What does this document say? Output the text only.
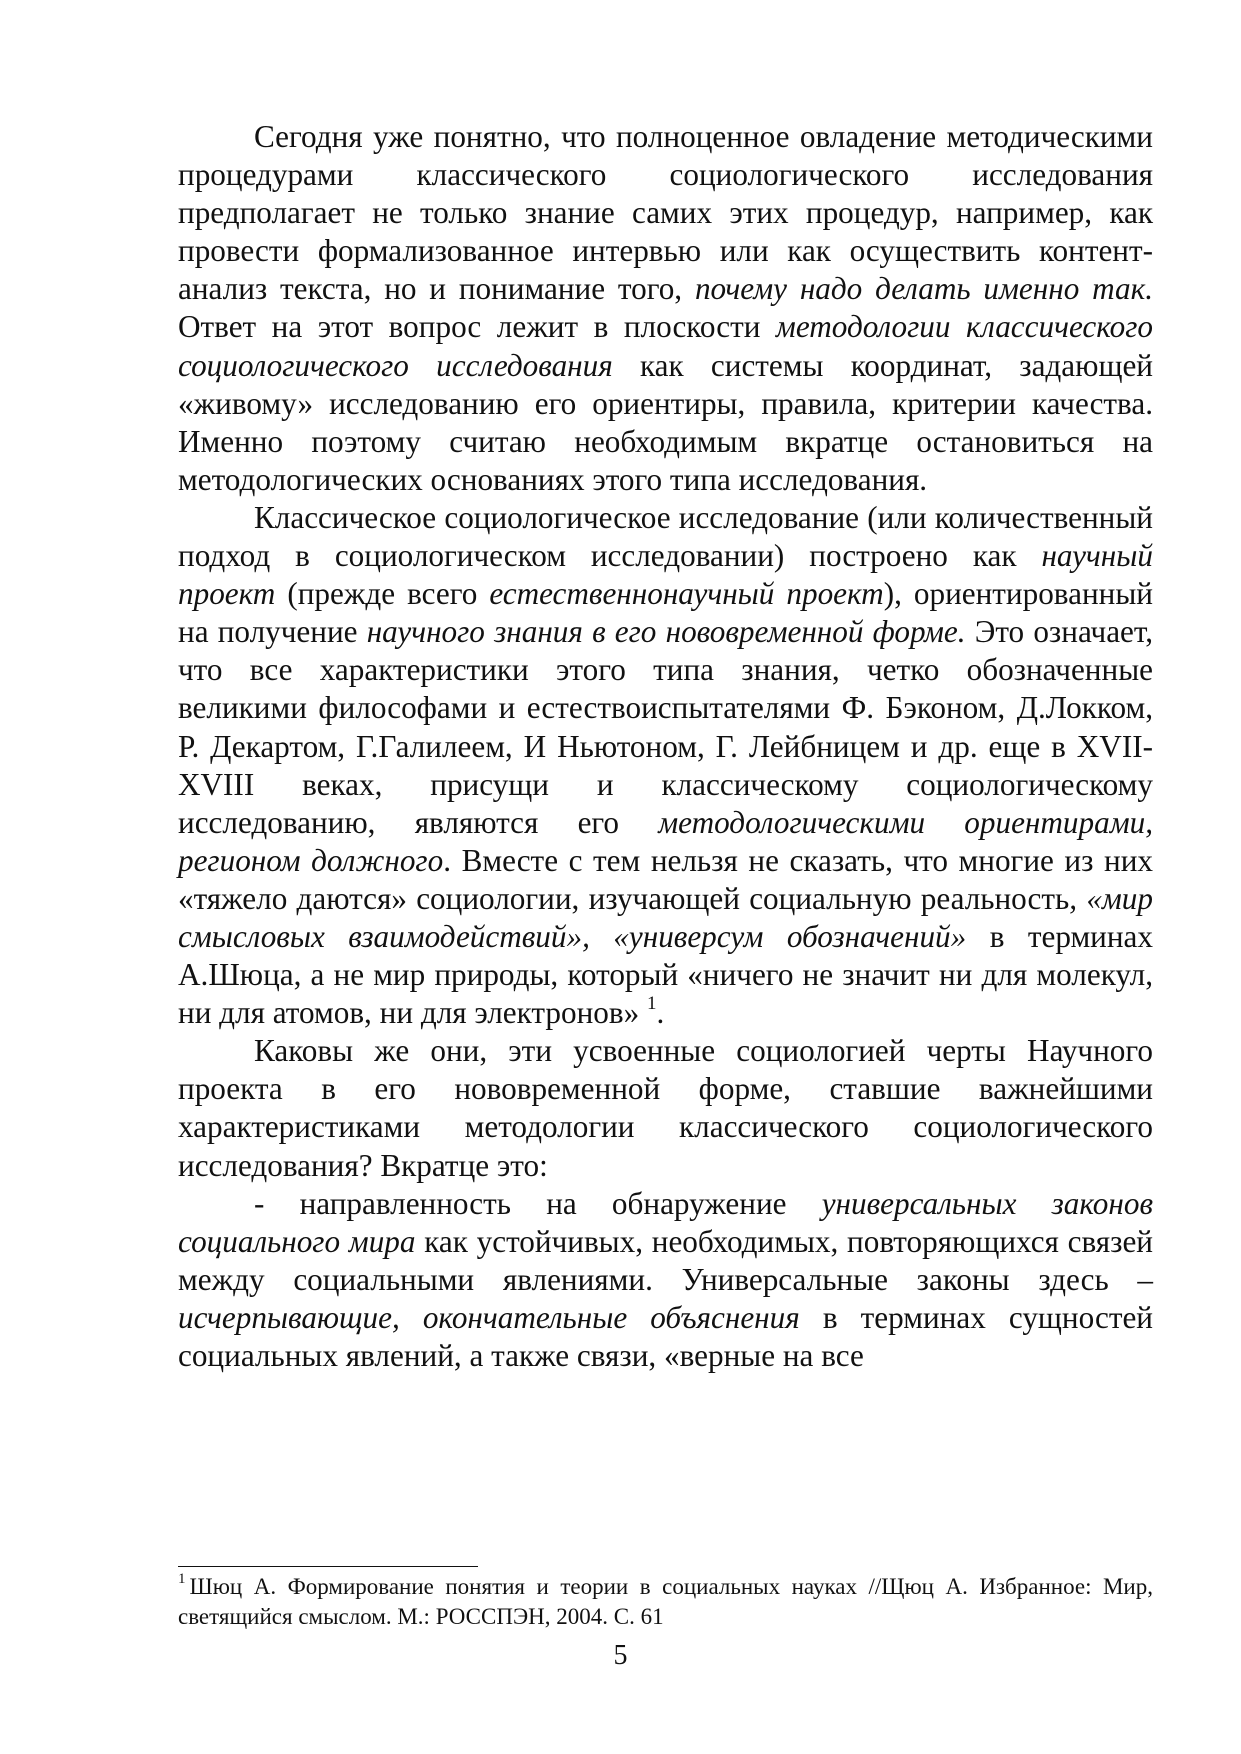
Сегодня уже понятно, что полноценное овладение методическими процедурами классического социологического исследования предполагает не только знание самих этих процедур, например, как провести формализованное интервью или как осуществить контент-анализ текста, но и понимание того, почему надо делать именно так. Ответ на этот вопрос лежит в плоскости методологии классического социологического исследования как системы координат, задающей «живому» исследованию его ориентиры, правила, критерии качества. Именно поэтому считаю необходимым вкратце остановиться на методологических основаниях этого типа исследования.

Классическое социологическое исследование (или количественный подход в социологическом исследовании) построено как научный проект (прежде всего естественнонаучный проект), ориентированный на получение научного знания в его нововременной форме. Это означает, что все характеристики этого типа знания, четко обозначенные великими философами и естествоиспытателями Ф. Бэконом, Д.Локком, Р. Декартом, Г.Галилеем, И Ньютоном, Г. Лейбницем и др. еще в XVII- XVIII веках, присущи и классическому социологическому исследованию, являются его методологическими ориентирами, регионом должного. Вместе с тем нельзя не сказать, что многие из них «тяжело даются» социологии, изучающей социальную реальность, «мир смысловых взаимодействий», «универсум обозначений» в терминах А.Шюца, а не мир природы, который «ничего не значит ни для молекул, ни для атомов, ни для электронов» $^1$.

Каковы же они, эти усвоенные социологией черты Научного проекта в его нововременной форме, ставшие важнейшими характеристиками методологии классического социологического исследования? Вкратце это:

- направленность на обнаружение универсальных законов социального мира как устойчивых, необходимых, повторяющихся связей между социальными явлениями. Универсальные законы здесь – исчерпывающие, окончательные объяснения в терминах сущностей социальных явлений, а также связи, «верные на все

$^1$ Шюц А. Формирование понятия и теории в социальных науках //Щюц А. Избранное: Мир, светящийся смыслом. М.: РОССПЭН, 2004. С. 61
5
